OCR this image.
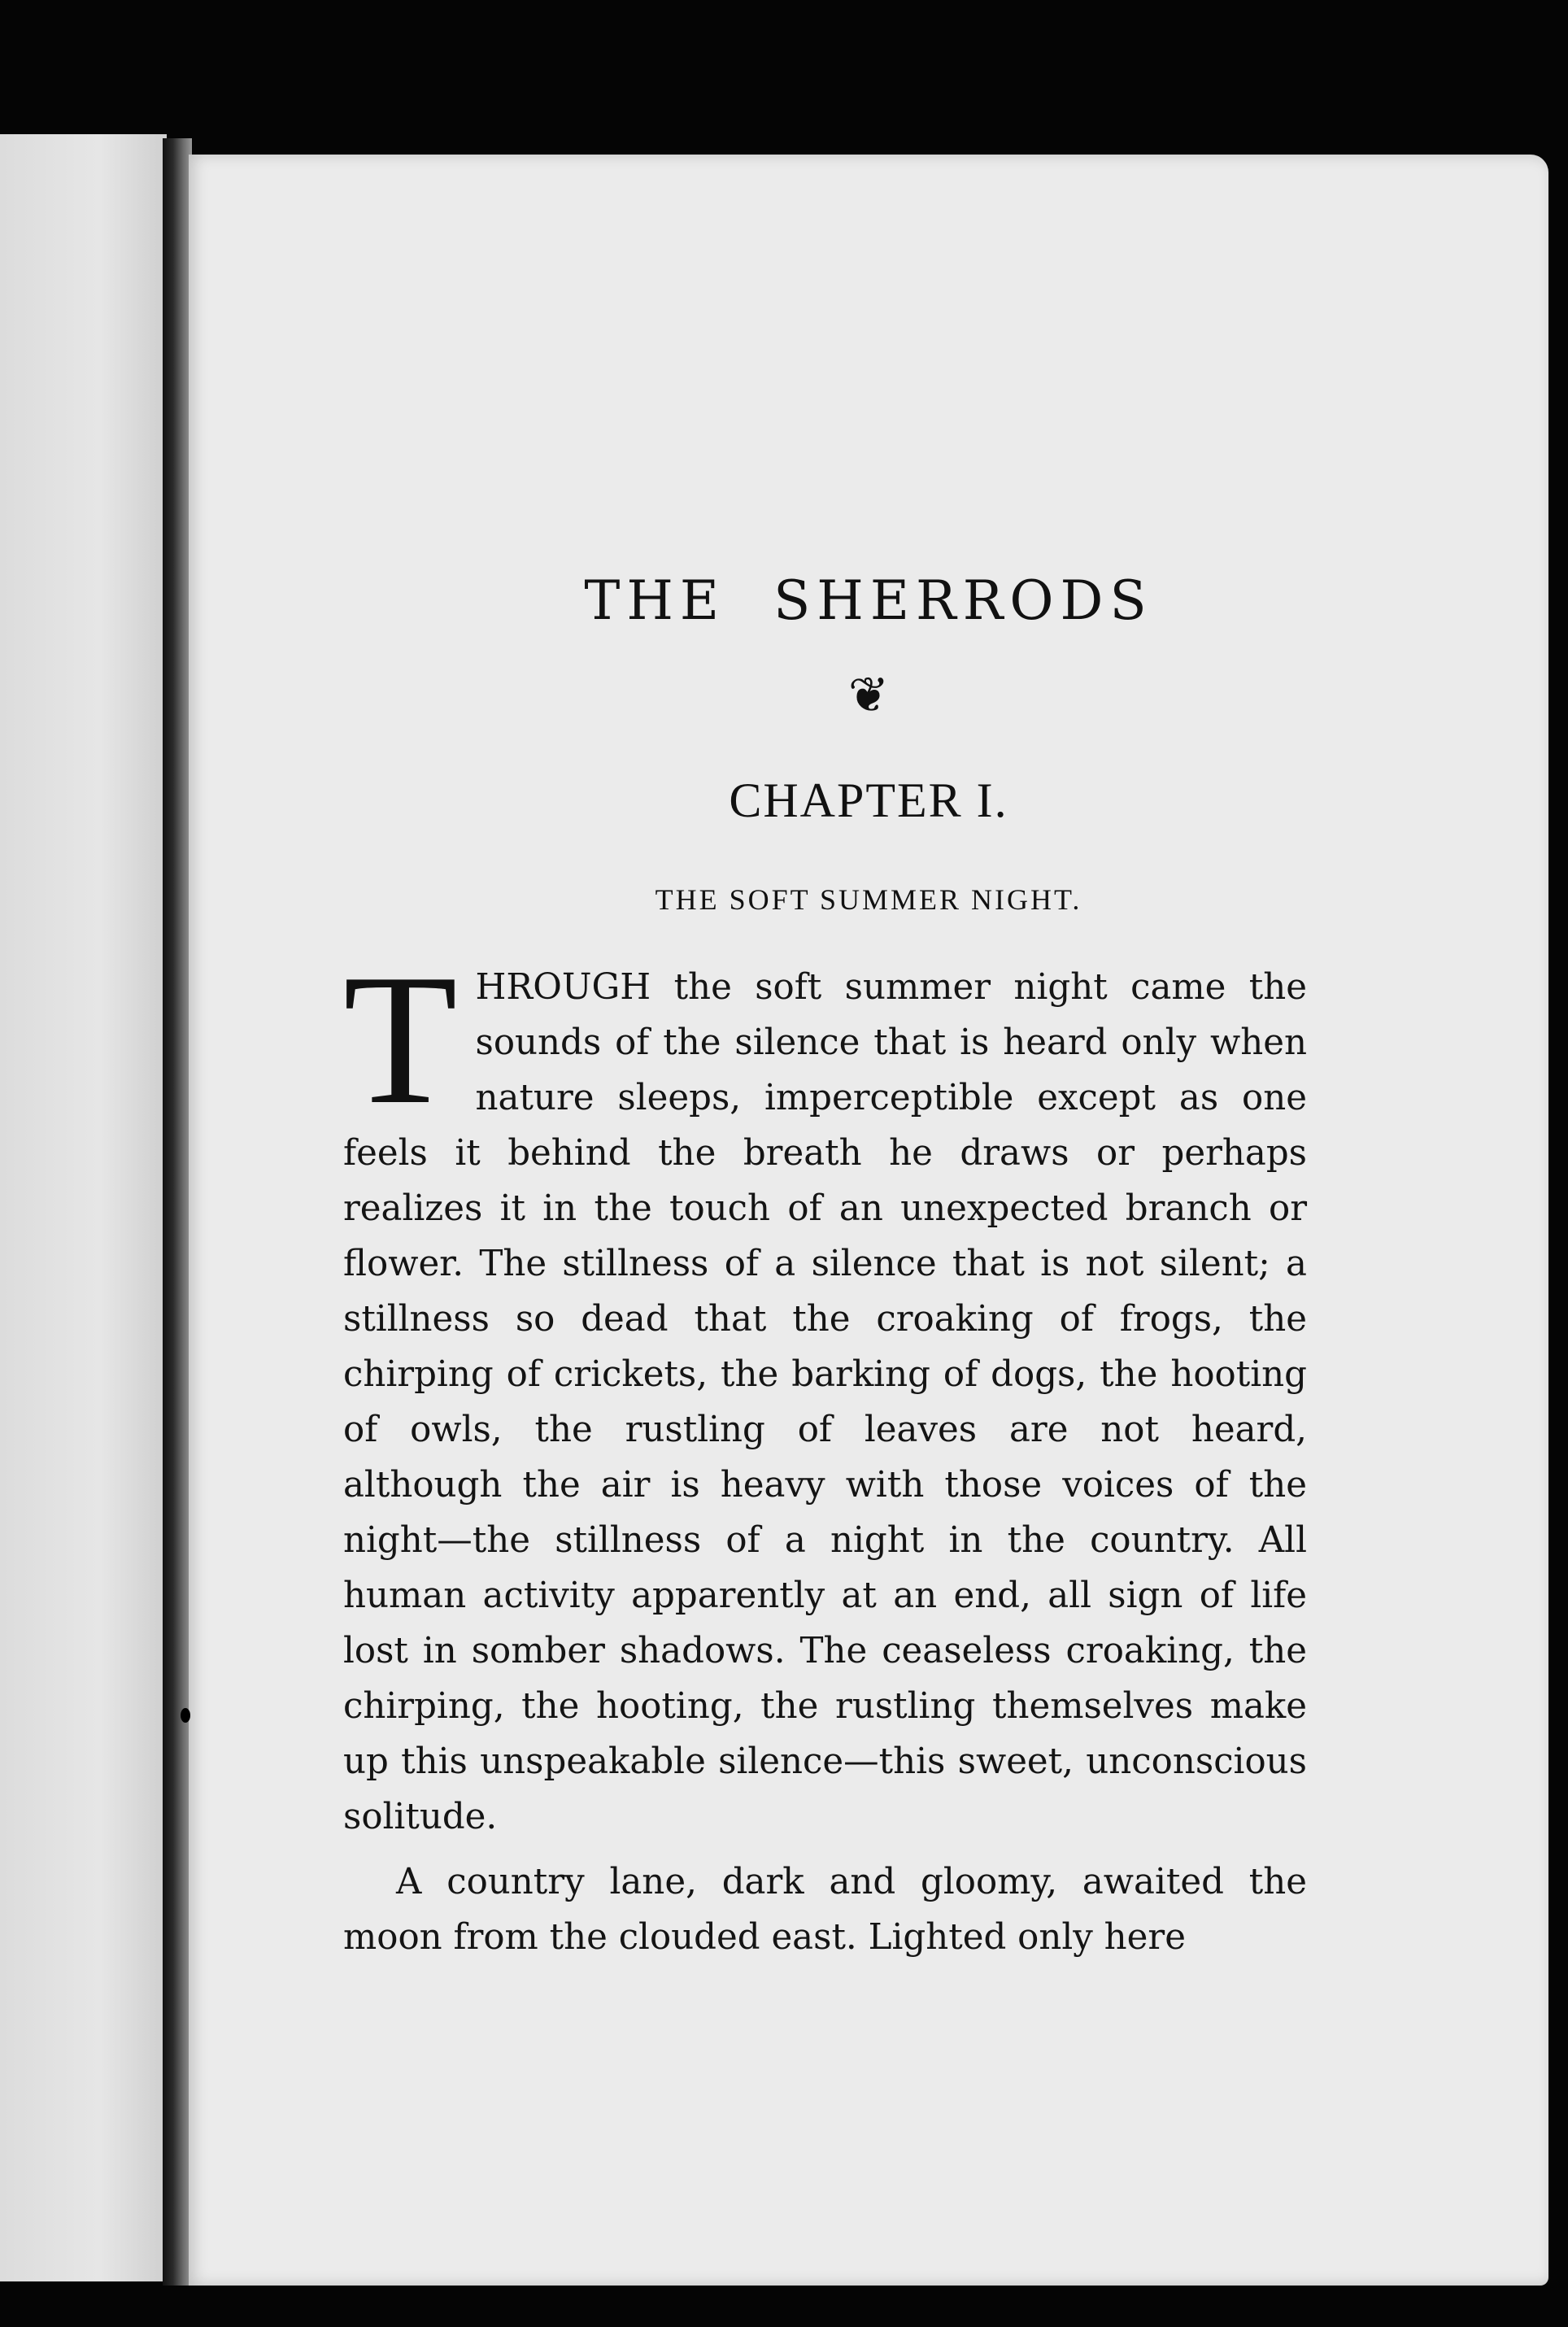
THE SHERRODS
❦
CHAPTER I.
THE SOFT SUMMER NIGHT.

THROUGH the soft summer night came the sounds of the silence that is heard only when nature sleeps, imperceptible except as one feels it behind the breath he draws or perhaps realizes it in the touch of an unexpected branch or flower. The stillness of a silence that is not silent; a stillness so dead that the croaking of frogs, the chirping of crickets, the barking of dogs, the hooting of owls, the rustling of leaves are not heard, although the air is heavy with those voices of the night—the stillness of a night in the country. All human activity apparently at an end, all sign of life lost in somber shadows. The ceaseless croaking, the chirping, the hooting, the rustling themselves make up this unspeakable silence—this sweet, unconscious solitude.

A country lane, dark and gloomy, awaited the moon from the clouded east. Lighted only here
